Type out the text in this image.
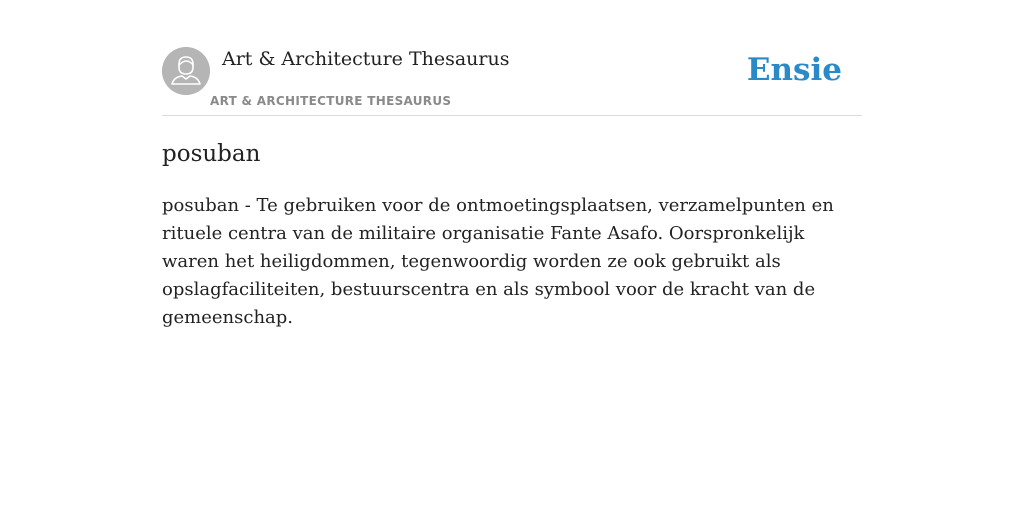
Art & Architecture Thesaurus
ART & ARCHITECTURE THESAURUS
Ensie
posuban

posuban - Te gebruiken voor de ontmoetingsplaatsen, verzamelpunten en rituele centra van de militaire organisatie Fante Asafo. Oorspronkelijk waren het heiligdommen, tegenwoordig worden ze ook gebruikt als opslagfaciliteiten, bestuurscentra en als symbool voor de kracht van de gemeenschap.
